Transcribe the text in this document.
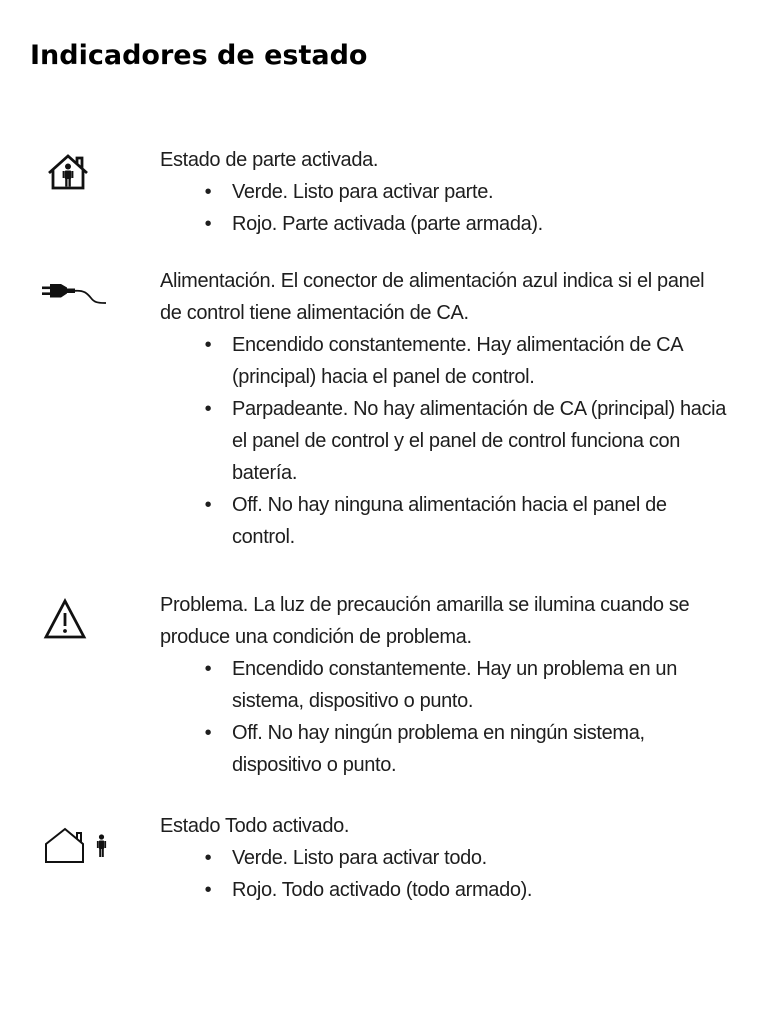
Indicadores de estado

Estado de parte activada.

• Verde. Listo para activar parte.
• Rojo. Parte activada (parte armada).

Alimentación. El conector de alimentación azul indica si el panel de control tiene alimentación de CA.

• Encendido constantemente. Hay alimentación de CA (principal) hacia el panel de control.
• Parpadeante. No hay alimentación de CA (principal) hacia el panel de control y el panel de control funciona con batería.
• Off. No hay ninguna alimentación hacia el panel de control.

Problema. La luz de precaución amarilla se ilumina cuando se produce una condición de problema.

• Encendido constantemente. Hay un problema en un sistema, dispositivo o punto.
• Off. No hay ningún problema en ningún sistema, dispositivo o punto.

Estado Todo activado.

• Verde. Listo para activar todo.
• Rojo. Todo activado (todo armado).
